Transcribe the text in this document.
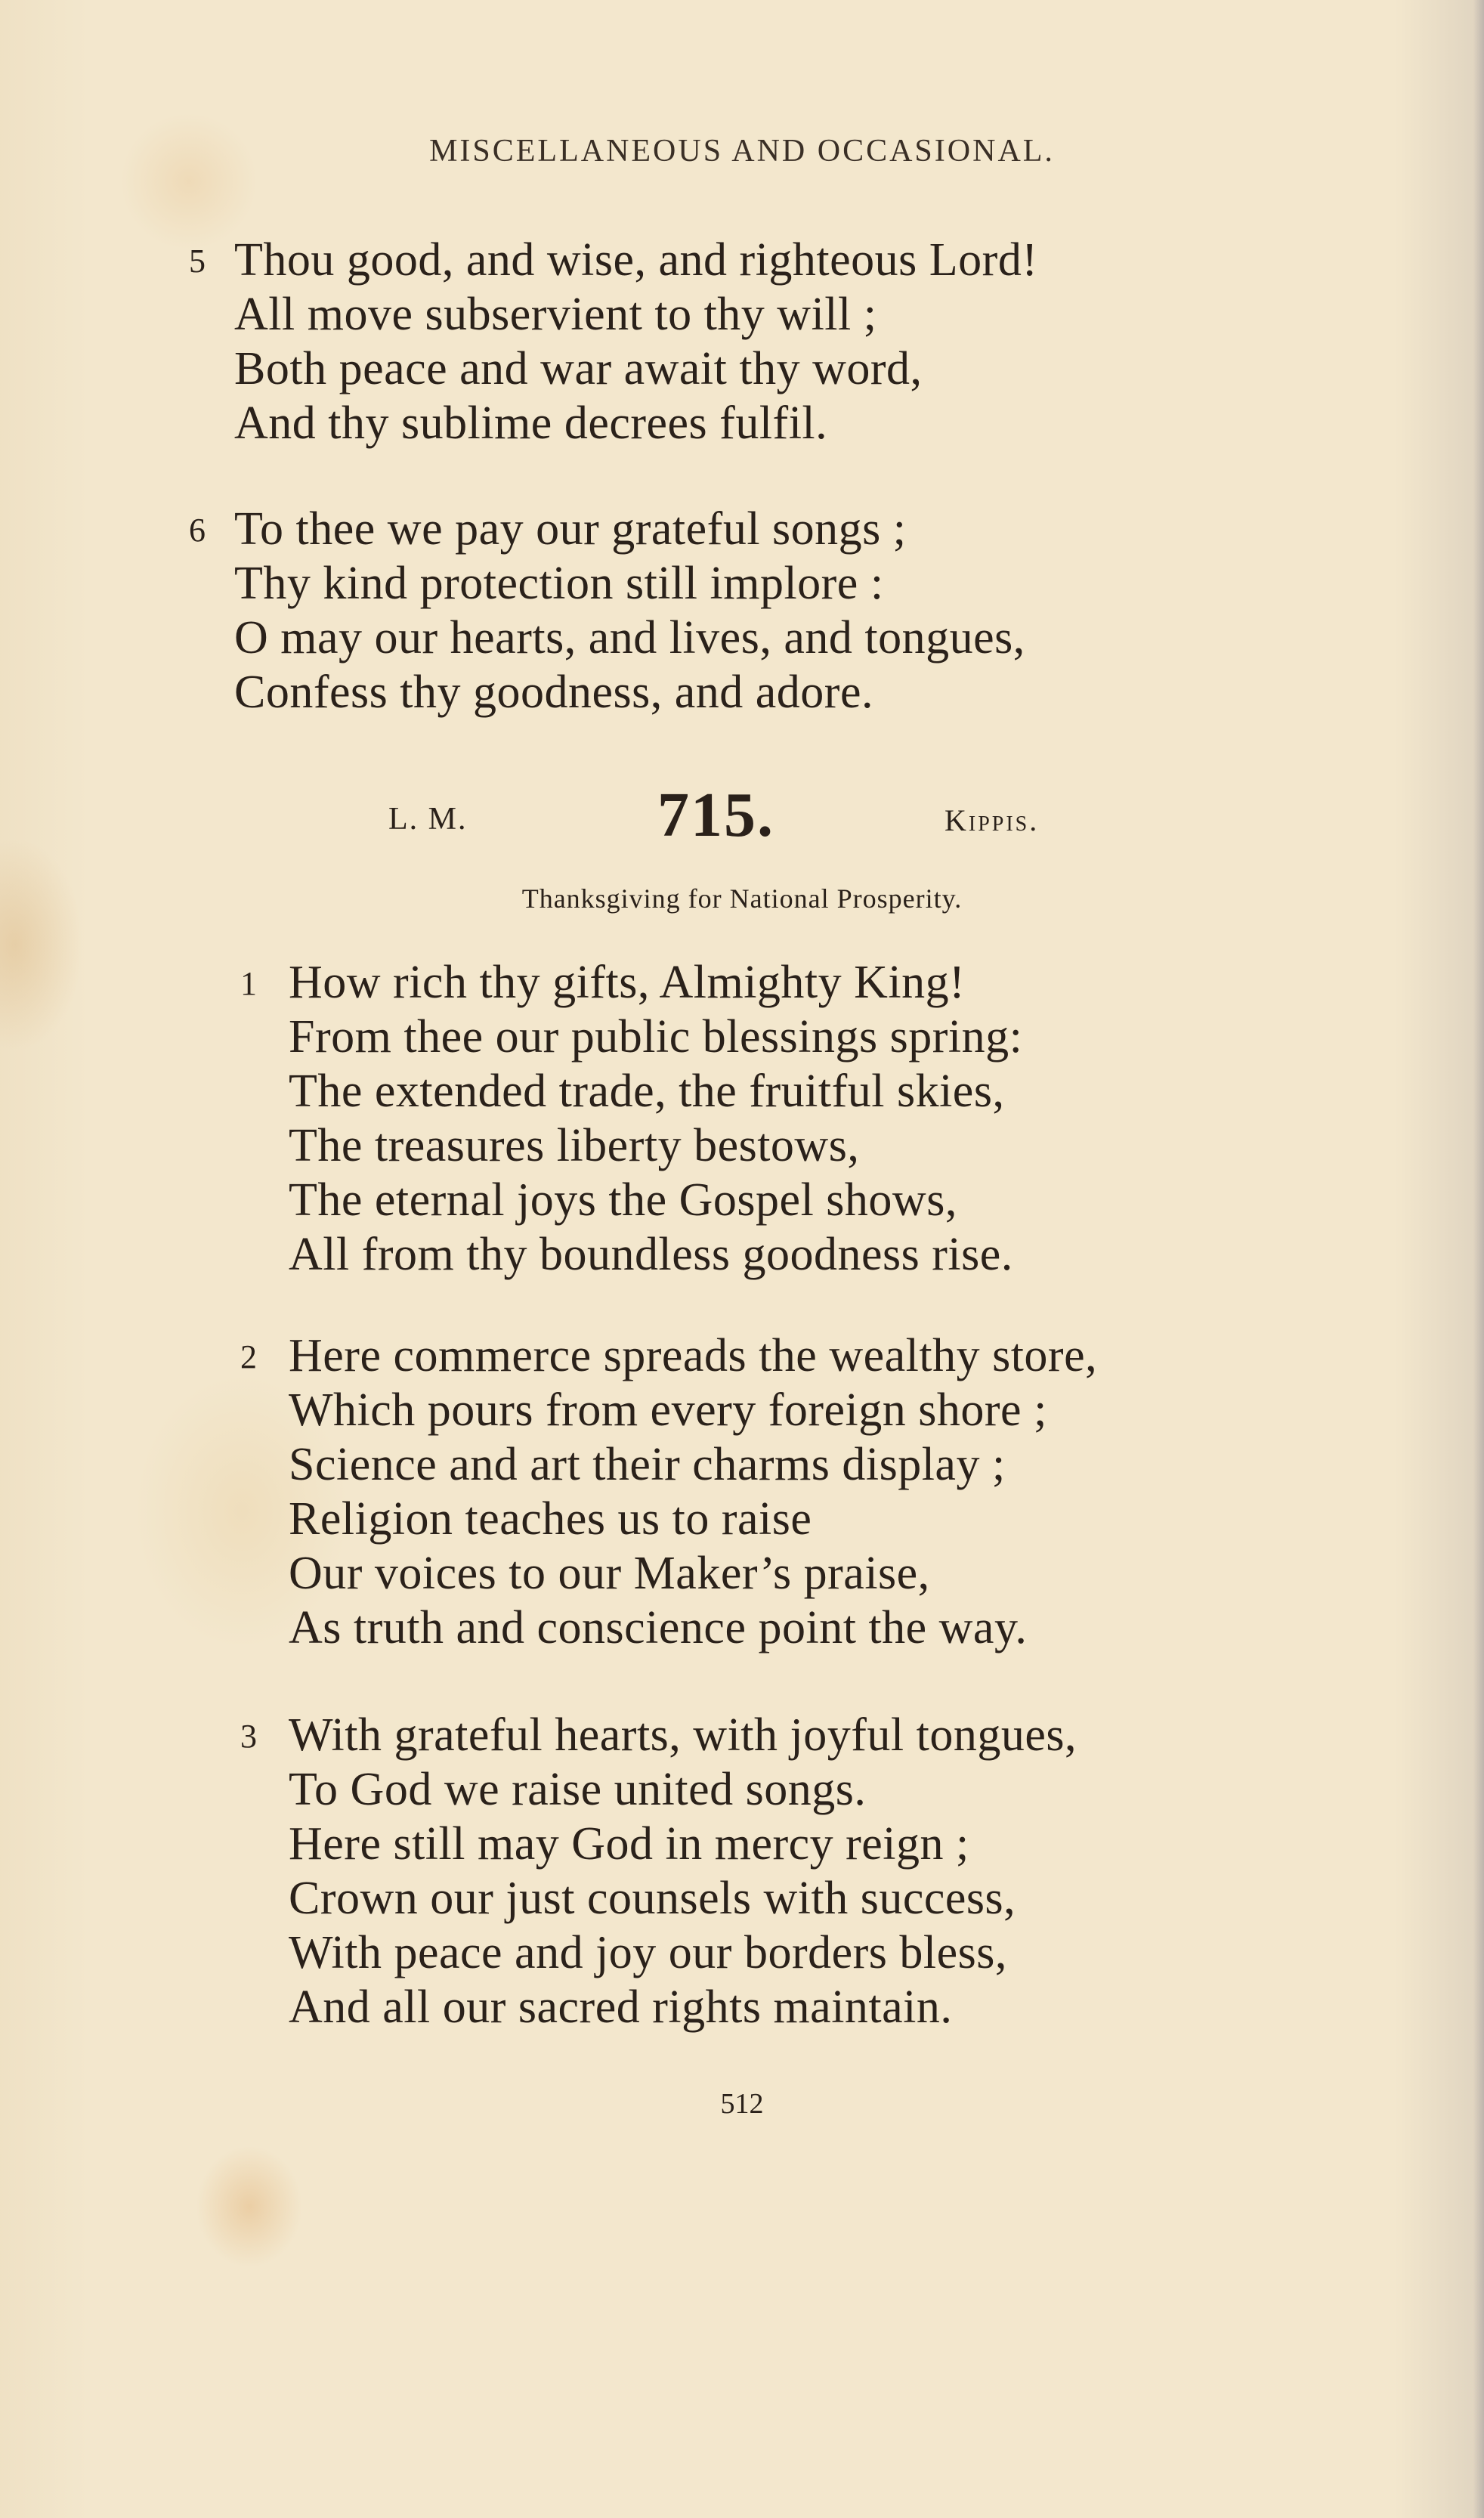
MISCELLANEOUS AND OCCASIONAL.
5 Thou good, and wise, and righteous Lord!
All move subservient to thy will ;
Both peace and war await thy word,
And thy sublime decrees fulfil.
6 To thee we pay our grateful songs ;
Thy kind protection still implore :
O may our hearts, and lives, and tongues,
Confess thy goodness, and adore.
L. M.	715.	Kippis.
Thanksgiving for National Prosperity.
1 How rich thy gifts, Almighty King!
From thee our public blessings spring:
The extended trade, the fruitful skies,
The treasures liberty bestows,
The eternal joys the Gospel shows,
All from thy boundless goodness rise.
2 Here commerce spreads the wealthy store,
Which pours from every foreign shore ;
Science and art their charms display ;
Religion teaches us to raise
Our voices to our Maker’s praise,
As truth and conscience point the way.
3 With grateful hearts, with joyful tongues,
To God we raise united songs.
Here still may God in mercy reign ;
Crown our just counsels with success,
With peace and joy our borders bless,
And all our sacred rights maintain.
512
